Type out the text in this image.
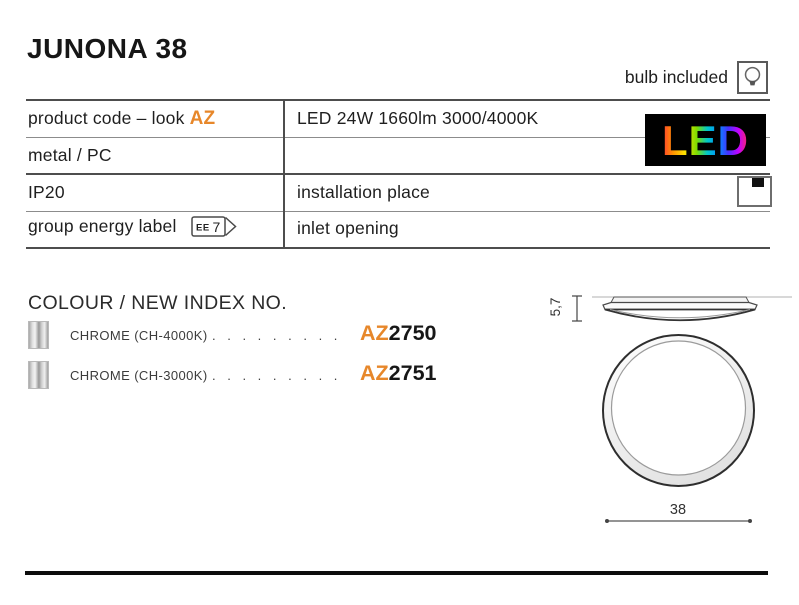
JUNONA 38
bulb included
product code – look AZ
metal / PC
IP20
group energy label EE 7
LED 24W 1660lm 3000/4000K	LED
installation place
inlet opening
COLOUR / NEW INDEX NO.
CHROME (CH-4000K) . . . . . . . . . AZ2750
CHROME (CH-3000K) . . . . . . . . . AZ2751
5,7
38
